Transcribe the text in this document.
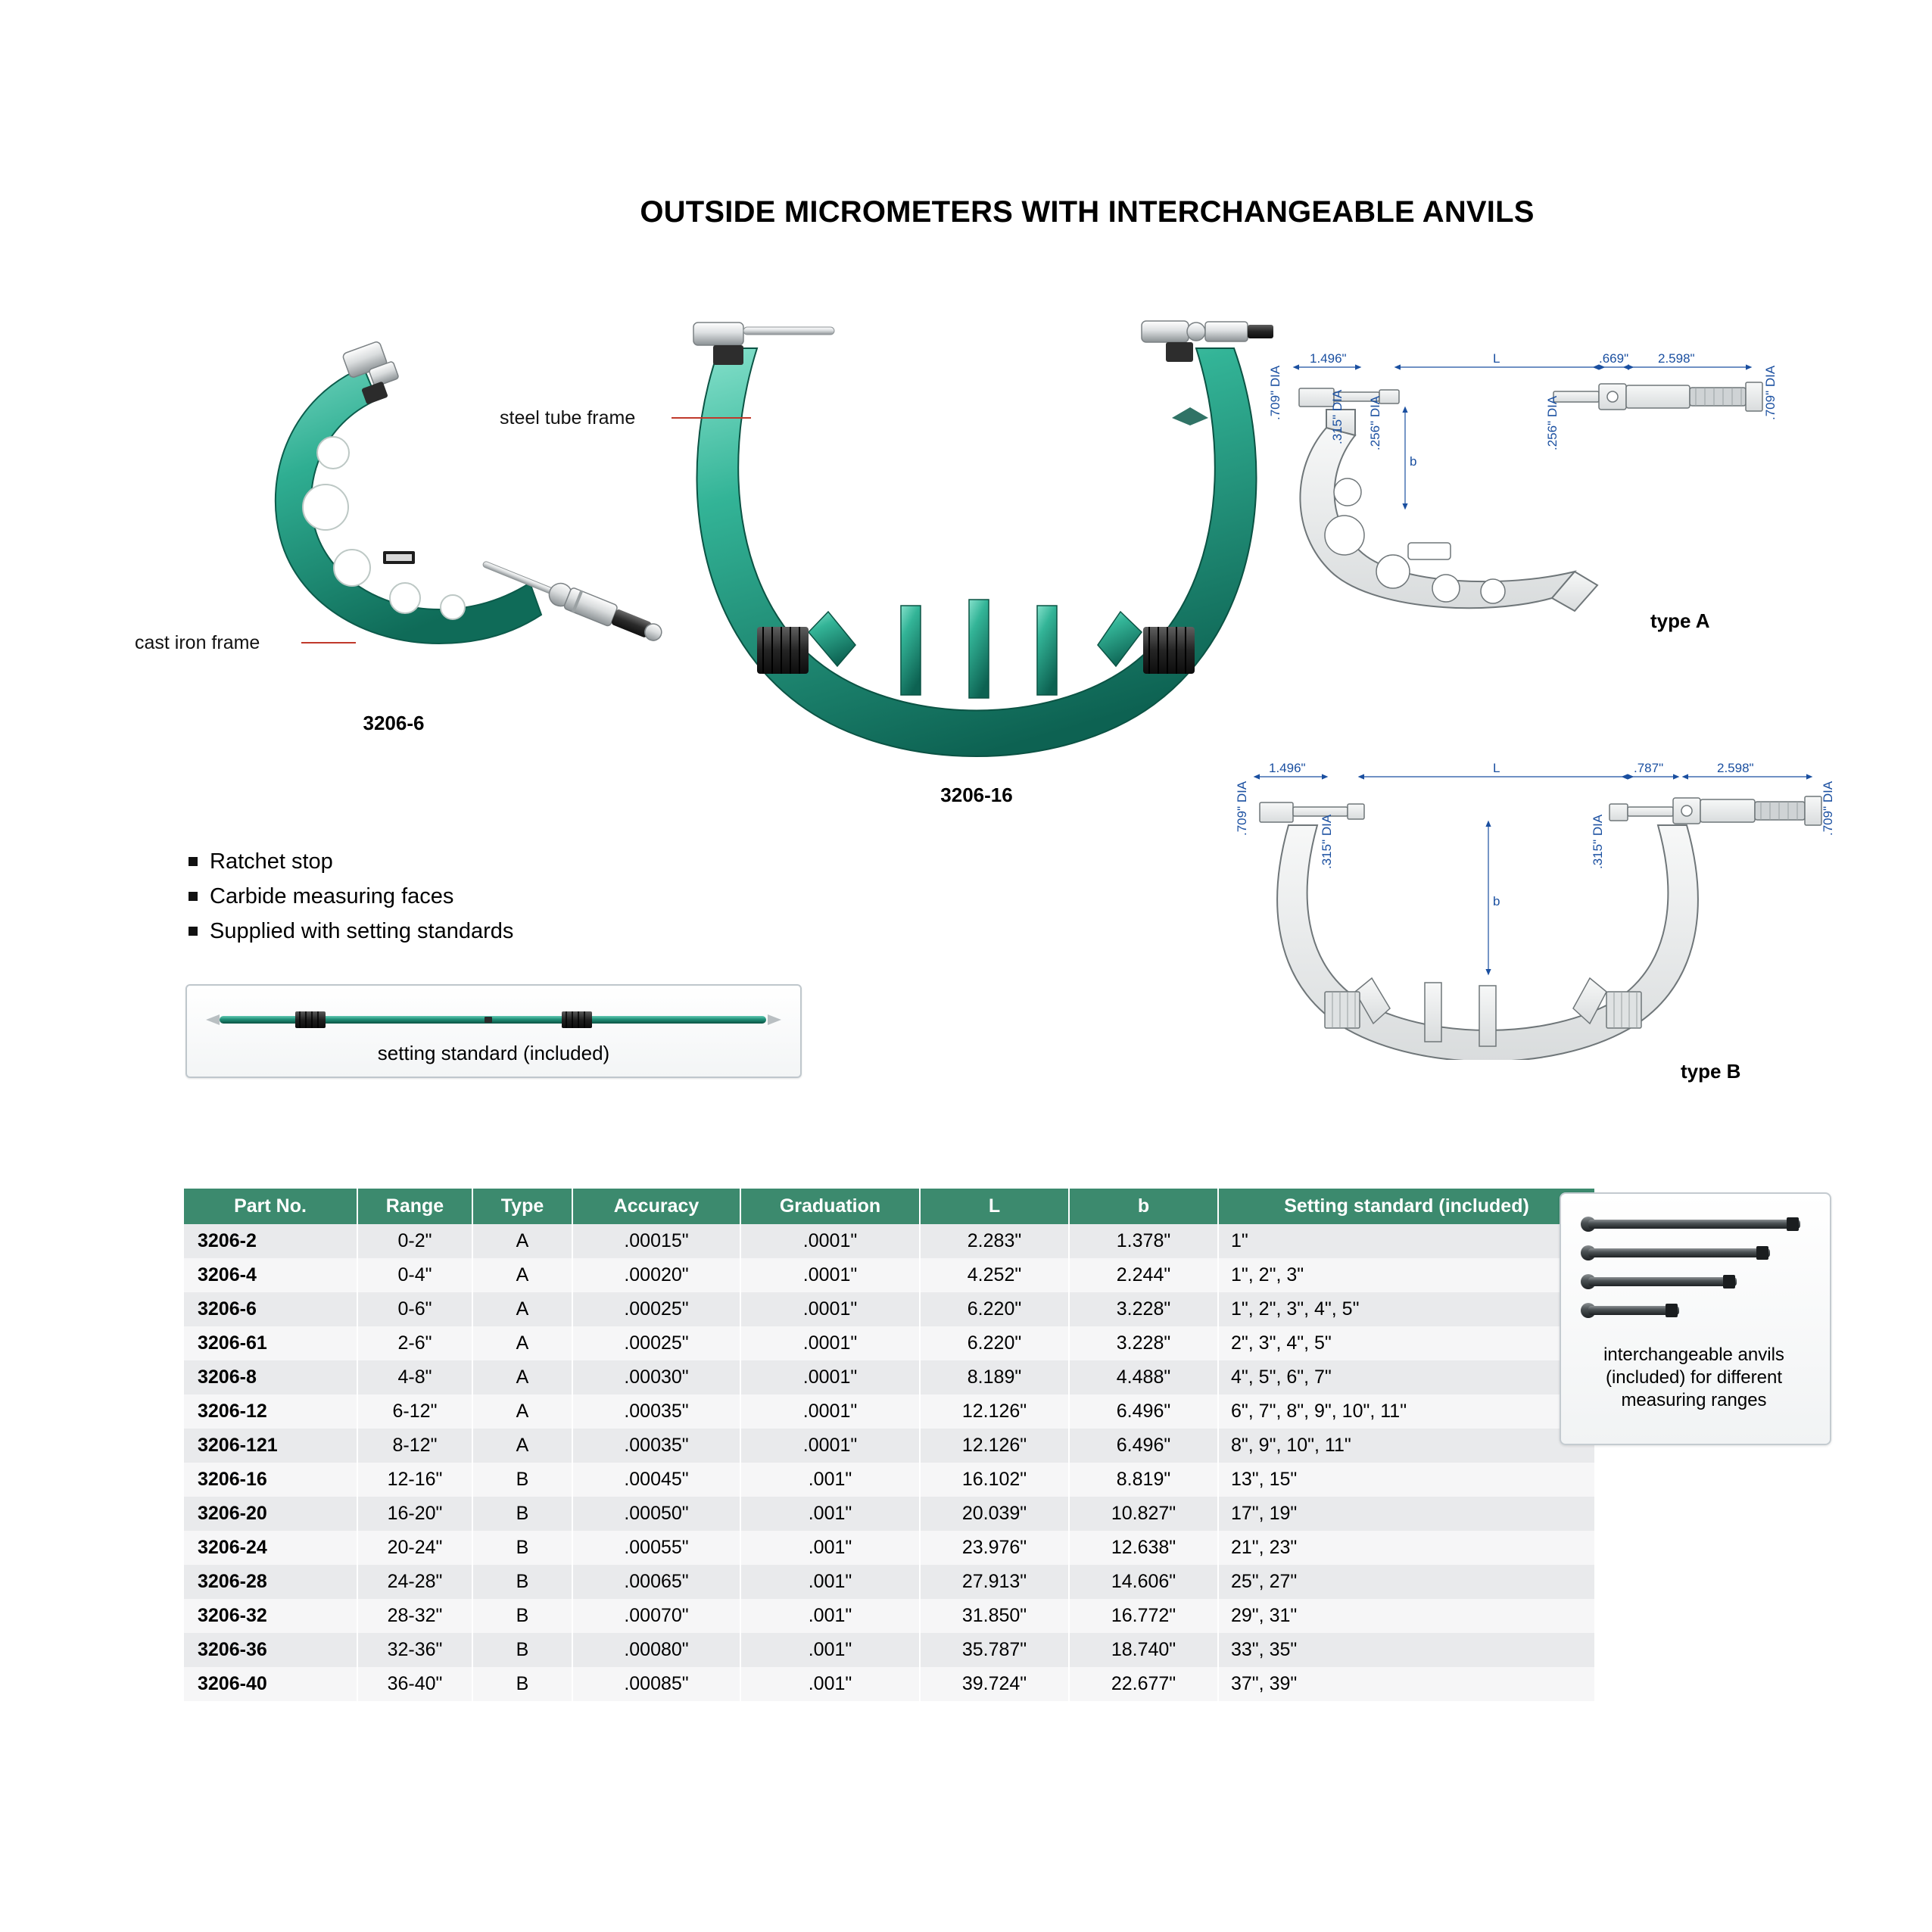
OUTSIDE MICROMETERS WITH INTERCHANGEABLE ANVILS
3206-6
3206-16
steel tube frame
cast iron frame
Ratchet stop
Carbide measuring faces
Supplied with setting standards
setting standard (included)
1.496"	L	.669" 2.598"
b
.709" DIA	.315" DIA .256" DIA	.256" DIA
.709" DIA
type A
1.496"	L	.787"	2.598"
b
.709" DIA
.315" DIA	.315" DIA
.709" DIA
type B
Part No.	Range	Type	Accuracy	Graduation	L	b	Setting standard (included)
3206-2	0-2"	A	.00015"	.0001"	2.283"	1.378"	1"
3206-4	0-4"	A	.00020"	.0001"	4.252"	2.244"	1", 2", 3"
3206-6	0-6"	A	.00025"	.0001"	6.220"	3.228"	1", 2", 3", 4", 5"
3206-61	2-6"	A	.00025"	.0001"	6.220"	3.228"	2", 3", 4", 5"
3206-8	4-8"	A	.00030"	.0001"	8.189"	4.488"	4", 5", 6", 7"
3206-12	6-12"	A	.00035"	.0001"	12.126"	6.496"	6", 7", 8", 9", 10", 11"
3206-121	8-12"	A	.00035"	.0001"	12.126"	6.496"	8", 9", 10", 11"
3206-16	12-16"	B	.00045"	.001"	16.102"	8.819"	13", 15"
3206-20	16-20"	B	.00050"	.001"	20.039"	10.827"	17", 19"
3206-24	20-24"	B	.00055"	.001"	23.976"	12.638"	21", 23"
3206-28	24-28"	B	.00065"	.001"	27.913"	14.606"	25", 27"
3206-32	28-32"	B	.00070"	.001"	31.850"	16.772"	29", 31"
3206-36	32-36"	B	.00080"	.001"	35.787"	18.740"	33", 35"
3206-40	36-40"	B	.00085"	.001"	39.724"	22.677"	37", 39"
interchangeable anvils
(included) for different
measuring ranges
